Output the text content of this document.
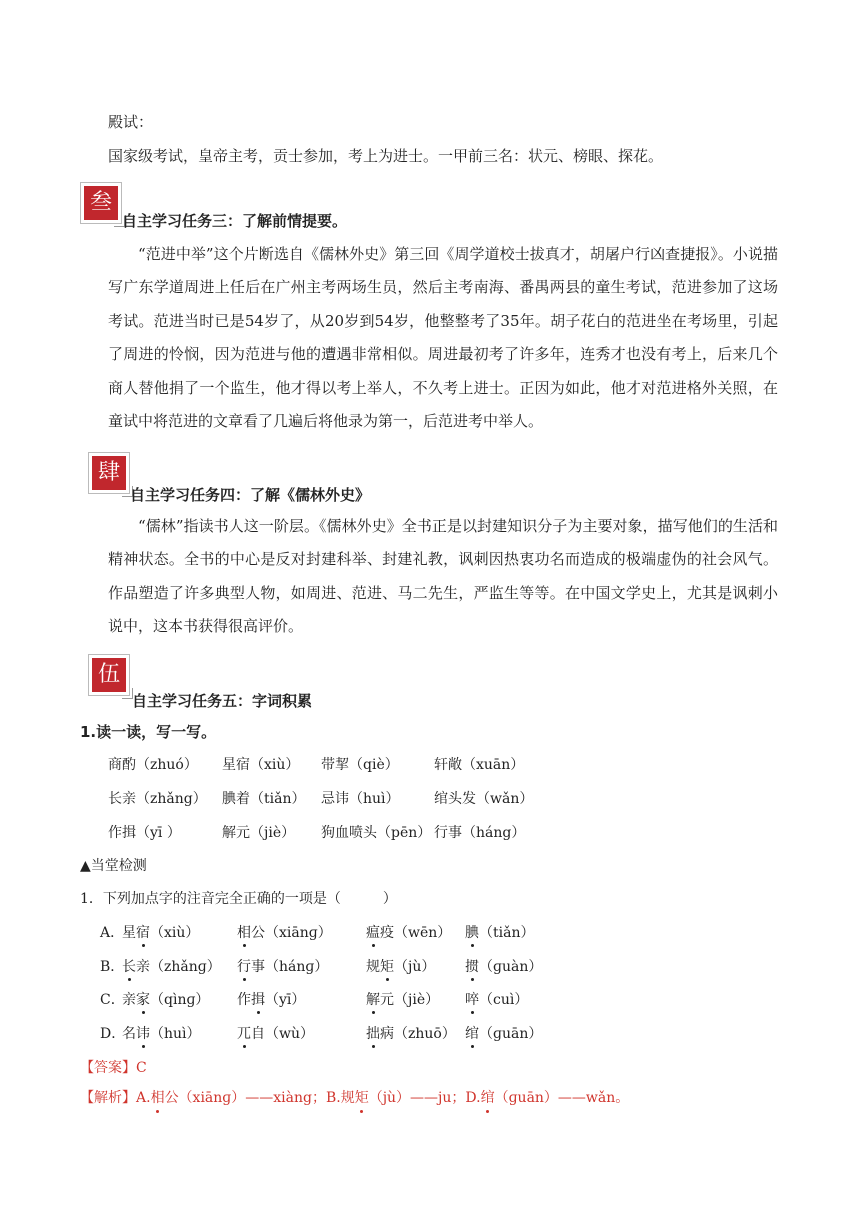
殿试：
国家级考试，皇帝主考，贡士参加，考上为进士。一甲前三名：状元、榜眼、探花。
叁
自主学习任务三：了解前情提要。
“范进中举”这个片断选自《儒林外史》第三回《周学道校士拔真才，胡屠户行凶查捷报》。小说描写广东学道周进上任后在广州主考两场生员，然后主考南海、番禺两县的童生考试，范进参加了这场考试。范进当时已是54岁了，从20岁到54岁，他整整考了35年。胡子花白的范进坐在考场里，引起了周进的怜悯，因为范进与他的遭遇非常相似。周进最初考了许多年，连秀才也没有考上，后来几个商人替他捐了一个监生，他才得以考上举人，不久考上进士。正因为如此，他才对范进格外关照，在童试中将范进的文章看了几遍后将他录为第一，后范进考中举人。
肆
自主学习任务四：了解《儒林外史》
“儒林”指读书人这一阶层。《儒林外史》全书正是以封建知识分子为主要对象，描写他们的生活和精神状态。全书的中心是反对封建科举、封建礼教，讽刺因热衷功名而造成的极端虚伪的社会风气。作品塑造了许多典型人物，如周进、范进、马二先生，严监生等等。在中国文学史上，尤其是讽刺小说中，这本书获得很高评价。
伍
自主学习任务五：字词积累
1.读一读，写一写。
商酌（zhuó） 星宿（xiù） 带挈（qiè）	轩敞（xuān）
长亲（zhǎng） 腆着（tiǎn） 忌讳（huì） 绾头发（wǎn）
作揖（yī ）	解元（jiè） 狗血喷头（pēn） 行事（háng）
▲当堂检测
1．下列加点字的注音完全正确的一项是（　　　）
A．
星宿（xiù）	相公（xiānɡ） 瘟疫（wēn） 腆（tiǎn）
B．
长亲（zhǎnɡ） 行事（hánɡ）	规矩（jù） 掼（ɡuàn）
C．
亲家（qìnɡ） 作揖（yī）	解元（jiè） 啐（cuì）
D．
名讳（huì）	兀自（wù）	拙病（zhuō） 绾（ɡuān）
【答案】C
【解析】A.相公（xiānɡ）——xiàng；B.规矩（jù）——ju；D.绾（ɡuān）——wǎn。
